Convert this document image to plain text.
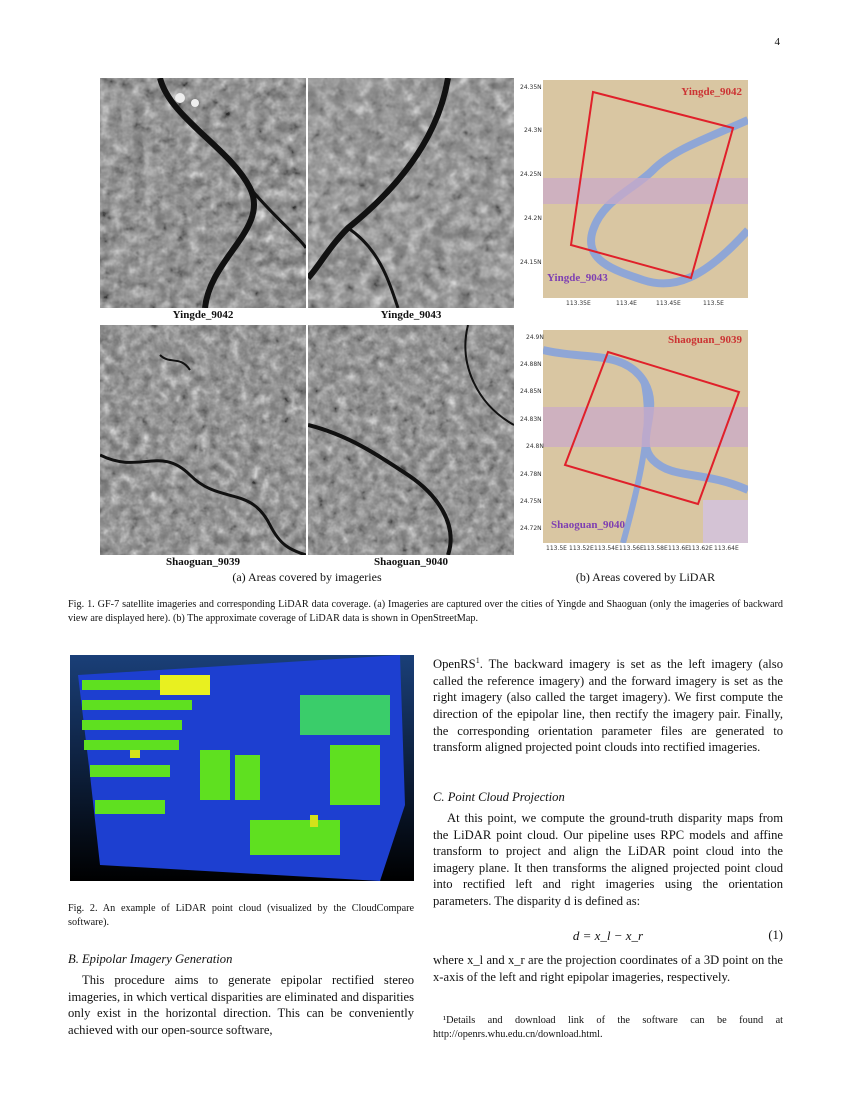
4
Yingde_9042	Yingde_9043
Shaoguan_9039	Shaoguan_9040
Yingde_9042
Yingde_9043
24.35N
24.3N
24.25N
24.2N
24.15N
113.35E	113.4E	113.45E	113.5E
Shaoguan_9039
Shaoguan_9040
24.9N
24.88N
24.85N
24.83N
24.8N
24.78N
24.75N
24.72N
113.5E 113.52E 113.54E 113.56E 113.58E 113.6E 113.62E 113.64E
(a) Areas covered by imageries	(b) Areas covered by LiDAR
Fig. 1. GF-7 satellite imageries and corresponding LiDAR data coverage. (a) Imageries are captured over the cities of Yingde and Shaoguan (only the imageries of backward view are displayed here). (b) The approximate coverage of LiDAR data is shown in OpenStreetMap.
Fig. 2. An example of LiDAR point cloud (visualized by the CloudCompare software).
B. Epipolar Imagery Generation

This procedure aims to generate epipolar rectified stereo imageries, in which vertical disparities are eliminated and disparities only exist in the horizontal direction. This can be conveniently achieved with our open-source software,

OpenRS$^1$. The backward imagery is set as the left imagery (also called the reference imagery) and the forward imagery is set as the right imagery (also called the target imagery). We first compute the direction of the epipolar line, then rectify the imagery pair. Finally, the corresponding orientation parameter files are generated to transform aligned projected point clouds into rectified imageries.

C. Point Cloud Projection

At this point, we compute the ground-truth disparity maps from the LiDAR point cloud. Our pipeline uses RPC models and affine transform to project and align the LiDAR point cloud into the imagery plane. It then transforms the aligned projected point cloud into rectified left and right imageries using the orientation parameters. The disparity d is defined as:

d = x_l − x_r	(1)

where x_l and x_r are the projection coordinates of a 3D point on the x-axis of the left and right epipolar imageries, respectively.

¹Details and download link of the software can be found at http://openrs.whu.edu.cn/download.html.
